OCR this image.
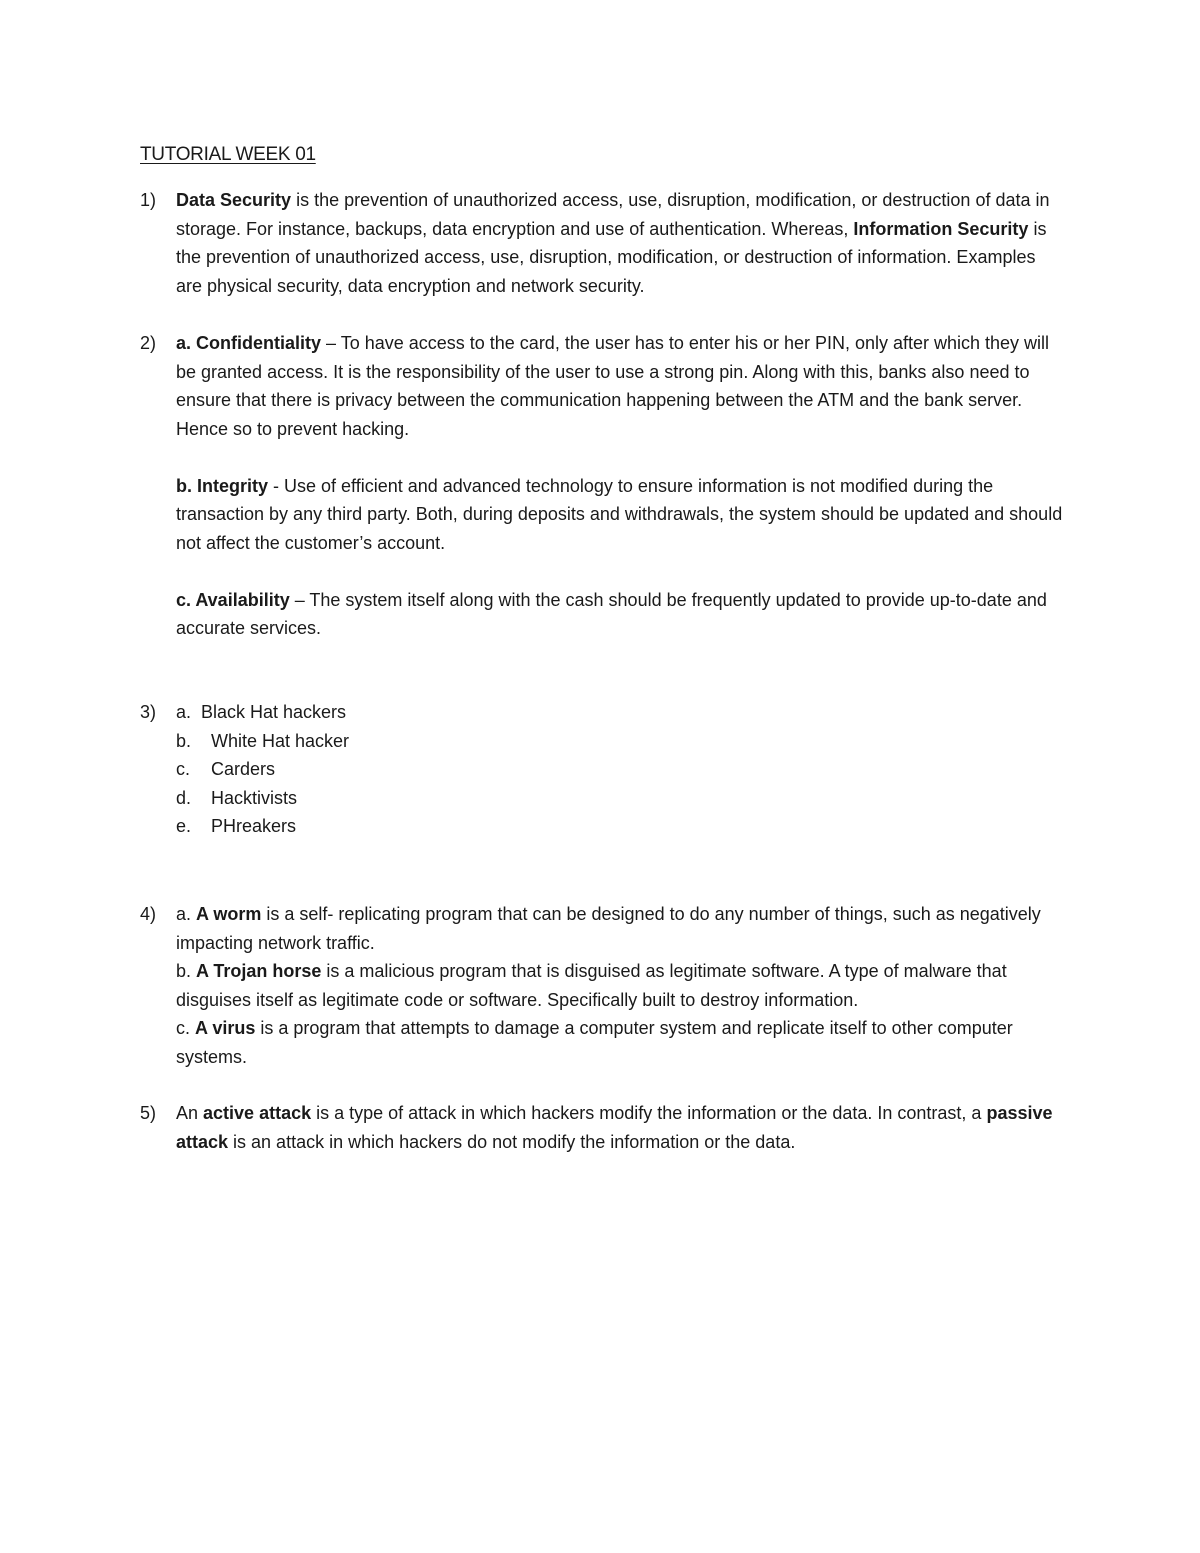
TUTORIAL WEEK 01
1) Data Security is the prevention of unauthorized access, use, disruption, modification, or destruction of data in storage. For instance, backups, data encryption and use of authentication. Whereas, Information Security is the prevention of unauthorized access, use, disruption, modification, or destruction of information. Examples are physical security, data encryption and network security.

2) a. Confidentiality – To have access to the card, the user has to enter his or her PIN, only after which they will be granted access. It is the responsibility of the user to use a strong pin. Along with this, banks also need to ensure that there is privacy between the communication happening between the ATM and the bank server. Hence so to prevent hacking.

b. Integrity - Use of efficient and advanced technology to ensure information is not modified during the transaction by any third party. Both, during deposits and withdrawals, the system should be updated and should not affect the customer’s account.

c. Availability – The system itself along with the cash should be frequently updated to provide up-to-date and accurate services.

3) a. Black Hat hackers
b.	White Hat hacker
c.	Carders
d.	Hacktivists
e.	PHreakers
4) a. A worm is a self- replicating program that can be designed to do any number of things, such as negatively impacting network traffic.

b. A Trojan horse is a malicious program that is disguised as legitimate software. A type of malware that disguises itself as legitimate code or software. Specifically built to destroy information.

c. A virus is a program that attempts to damage a computer system and replicate itself to other computer systems.

5) An active attack is a type of attack in which hackers modify the information or the data. In contrast, a passive attack is an attack in which hackers do not modify the information or the data.
